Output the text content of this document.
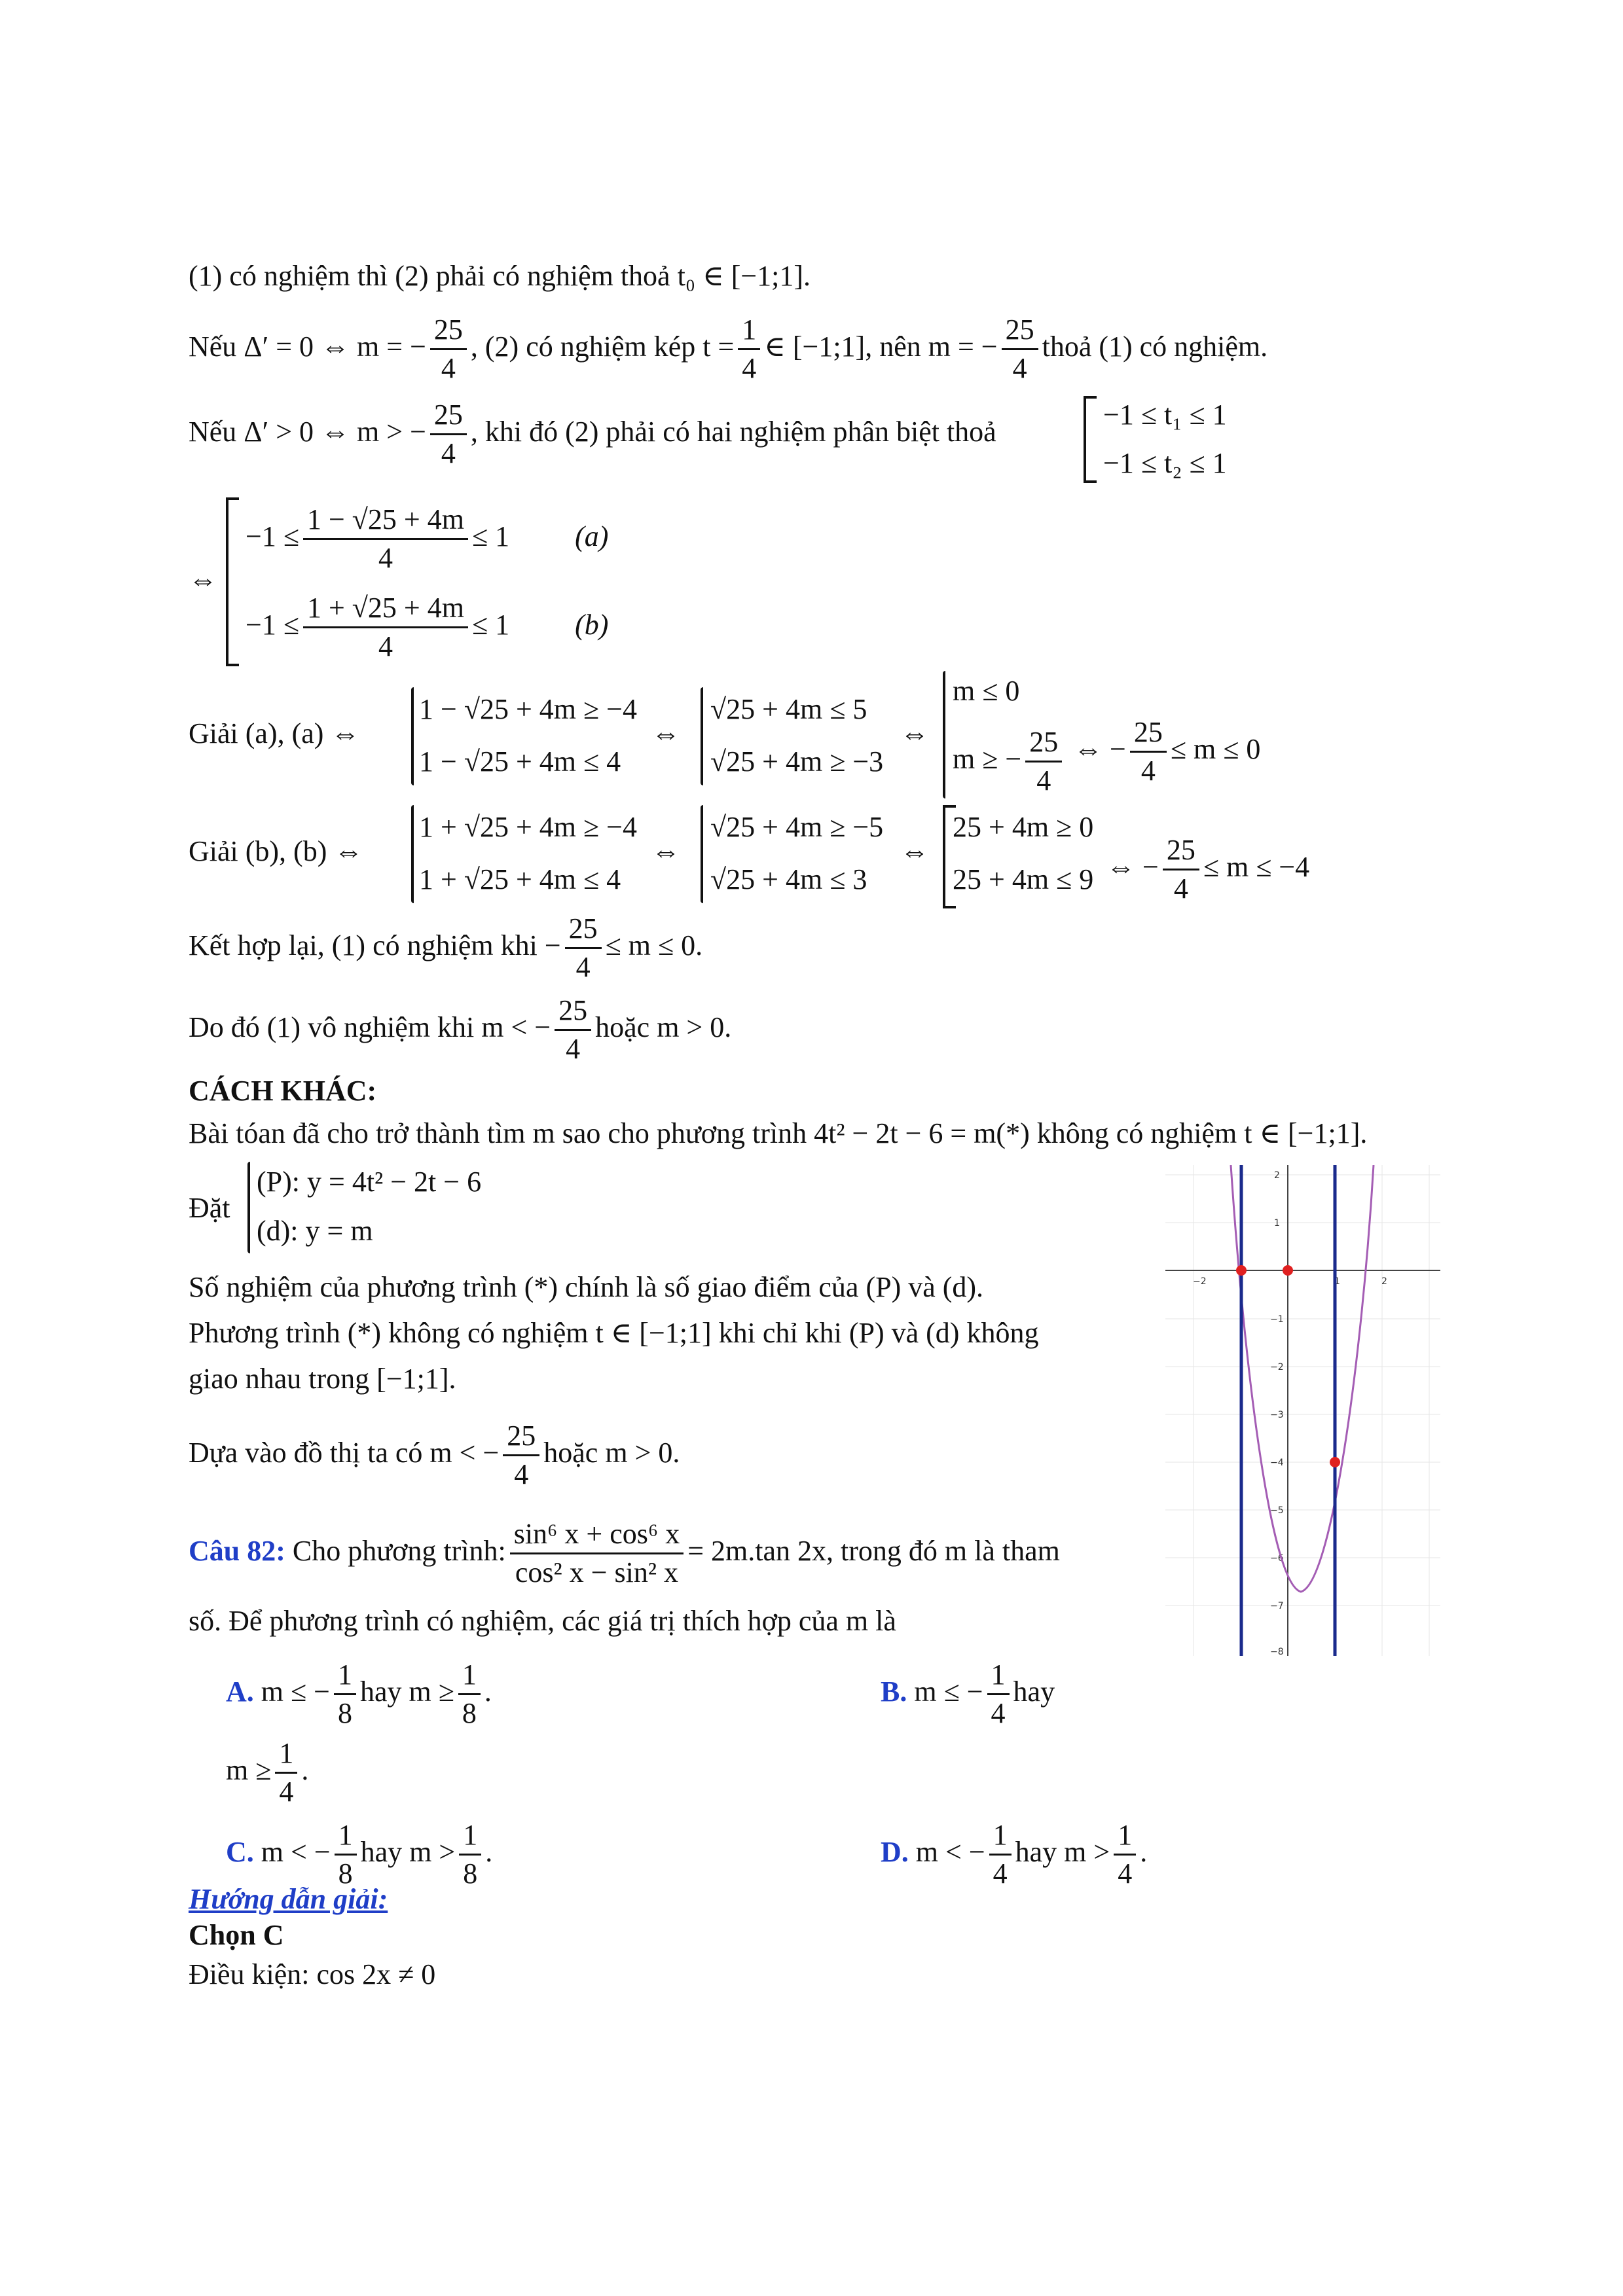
(1) có nghiệm thì (2) phải có nghiệm thoả t₀ ∈ [−1;1].
Nếu Δ′ = 0 ⇔ m = − $\frac{25}{4}$ , (2) có nghiệm kép $t = \frac{1}{4}$ ∈ [−1;1], nên m = − $\frac{25}{4}$ thoả (1) có nghiệm.
Nếu Δ′ > 0 ⇔ m > − $\frac{25}{4}$ , khi đó (2) phải có hai nghiệm phân biệt thoả
−1 ≤ t₁ ≤ 1
−1 ≤ t₂ ≤ 1
⇔
$-1 \le \frac{1 - √25 + 4m}{4} \le 1$ (a)
$-1 \le \frac{1 + √25 + 4m}{4} \le 1$ (b)
Giải (a), (a) ⇔
1 − √25 + 4m ≥ −4
1 − √25 + 4m ≤ 4
⇔
√25 + 4m ≤ 5
√25 + 4m ≥ −3
⇔
m ≤ 0
m ≥ − $\frac{25}{4}$ ⇔ − $\frac{25}{4} \le m \le 0$
Giải (b), (b) ⇔
1 + √25 + 4m ≥ −4
1 + √25 + 4m ≤ 4
⇔
√25 + 4m ≥ −5
√25 + 4m ≤ 3
⇔
25 + 4m ≥ 0
25 + 4m ≤ 9 ⇔ − $\frac{25}{4} \le m \le -4$
Kết hợp lại, (1) có nghiệm khi − $\frac{25}{4} \le m \le 0$.
Do đó (1) vô nghiệm khi m < − $\frac{25}{4}$ hoặc m > 0.
CÁCH KHÁC:
Bài tóan đã cho trở thành tìm m sao cho phương trình 4t² − 2t − 6 = m(*) không có nghiệm t ∈ [−1;1].
Đặt
(P): y = 4t² − 2t − 6
(d): y = m
Số nghiệm của phương trình (*) chính là số giao điểm của (P) và (d).
Phương trình (*) không có nghiệm t ∈ [−1;1] khi chỉ khi (P) và (d) không
giao nhau trong [−1;1].
Dựa vào đồ thị ta có m < − $\frac{25}{4}$ hoặc m > 0.
−2	1	2
2
1
−1
−2
−3
−4
−5
−6
−7
−8
Câu 82: Cho phương trình: $\frac{\text{sin⁶ x + cos⁶ x}}{\text{cos² x − sin² x}} = 2m.\tan$ 2x, trong đó m là tham
số. Để phương trình có nghiệm, các giá trị thích hợp của m là
A. m ≤ − $\frac{1}{8}$ hay $m \ge \frac{1}{8}$ .	B. m ≤ − $\frac{1}{4}$ hay
$m \ge \frac{1}{4}$ .
C. m < − $\frac{1}{8}$ hay $m > \frac{1}{8}$ .	D. m < − $\frac{1}{4}$ hay $m > \frac{1}{4}$ .
Hướng dẫn giải:
Chọn C
Điều kiện: cos 2x ≠ 0
